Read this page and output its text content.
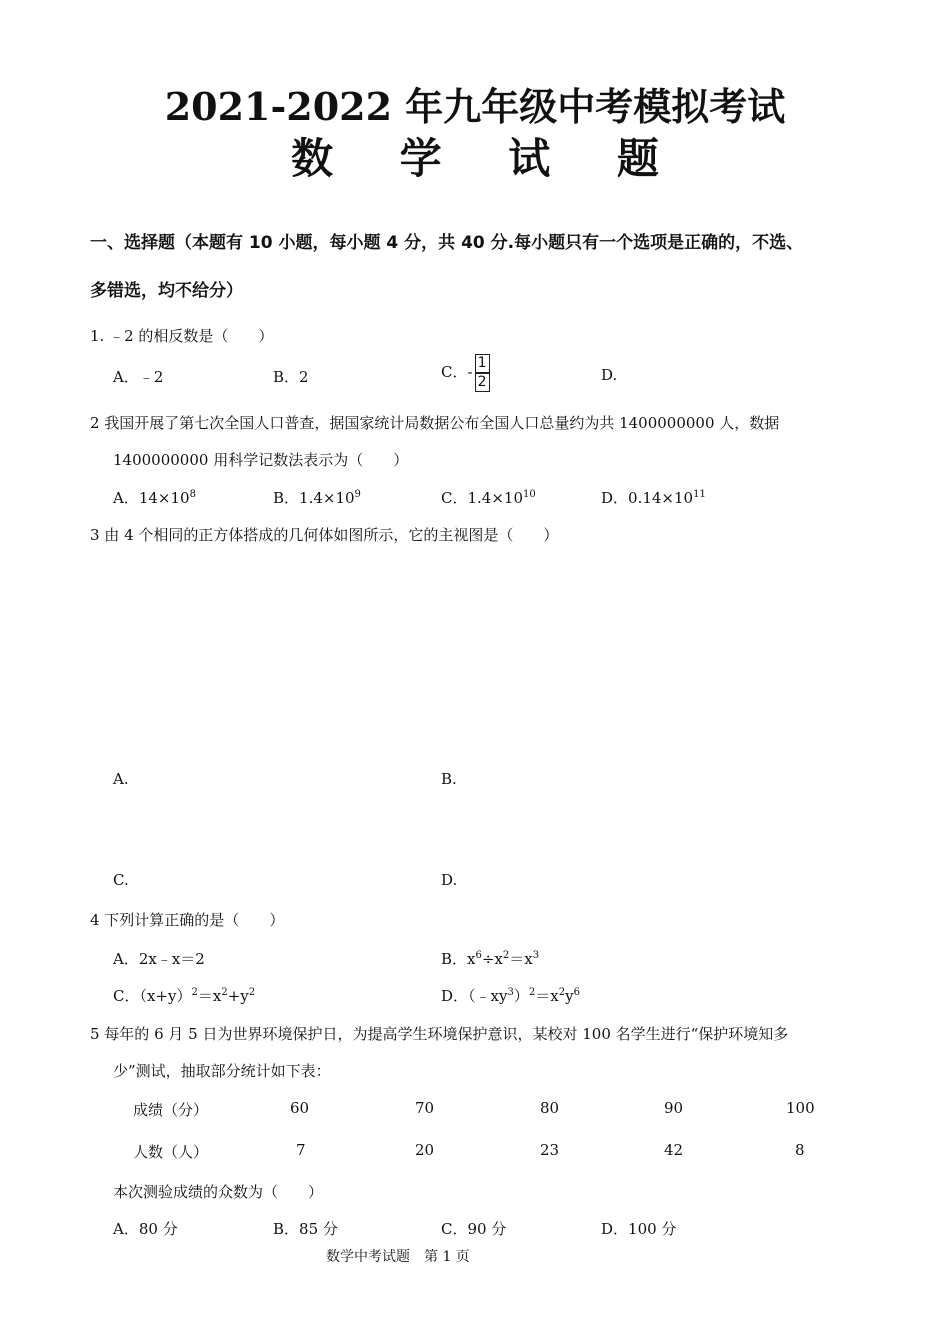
2021-2022 年九年级中考模拟考试
数 学 试 题
一、选择题（本题有 10 小题，每小题 4 分，共 40 分.每小题只有一个选项是正确的，不选、
多错选，均不给分）
1. ﹣2 的相反数是（　　）
A．﹣2	B．2	C．- $\frac{1}{2}$	D.
2 我国开展了第七次全国人口普查，据国家统计局数据公布全国人口总量约为共 1400000000 人，数据
1400000000 用科学记数法表示为（　　）
A．$14\times 10^8$	B．$1.4\times 10^9$	C．$1.4\times 10^{10}$	D．$0.14\times 10^{11}$
3 由 4 个相同的正方体搭成的几何体如图所示，它的主视图是（　　）
A.	B.
C.	D.
4 下列计算正确的是（　　）
A．2x﹣x＝2	B．$x^6\div x^2=x^3$
C．$(x+y)^2=x^2+y^2$	D．$(﹣xy^3)^2=x^2y^6$
5 每年的 6 月 5 日为世界环境保护日，为提高学生环境保护意识，某校对 100 名学生进行“保护环境知多
少”测试，抽取部分统计如下表：
成绩（分）	60	70	80	90	100
人数（人）	7	20	23	42	8
本次测验成绩的众数为（　　）
A．80 分	B．85 分	C．90 分	D．100 分
数学中考试题　第 1 页
